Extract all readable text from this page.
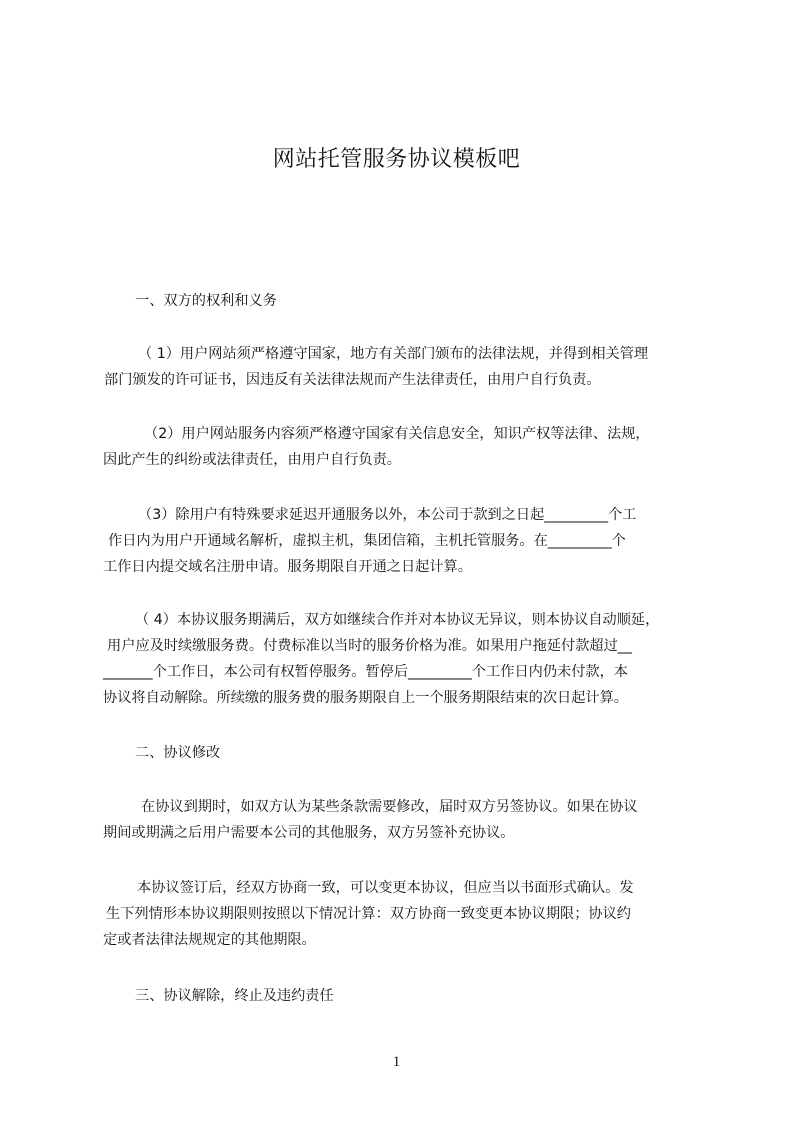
网站托管服务协议模板吧
一、双方的权利和义务
（ 1）用户网站须严格遵守国家，地方有关部门颁布的法律法规，并得到相关管理
部门颁发的许可证书，因违反有关法律法规而产生法律责任，由用户自行负责。
（2）用户网站服务内容须严格遵守国家有关信息安全，知识产权等法律、法规，
因此产生的纠纷或法律责任，由用户自行负责。
（3）除用户有特殊要求延迟开通服务以外，本公司于款到之日起_________个工
作日内为用户开通域名解析，虚拟主机，集团信箱，主机托管服务。在_________个
工作日内提交域名注册申请。服务期限自开通之日起计算。
（ 4）本协议服务期满后，双方如继续合作并对本协议无异议，则本协议自动顺延，
用户应及时续缴服务费。付费标准以当时的服务价格为准。如果用户拖延付款超过__
_______个工作日，本公司有权暂停服务。暂停后_________个工作日内仍未付款，本
协议将自动解除。所续缴的服务费的服务期限自上一个服务期限结束的次日起计算。
二、协议修改
在协议到期时，如双方认为某些条款需要修改，届时双方另签协议。如果在协议
期间或期满之后用户需要本公司的其他服务，双方另签补充协议。
本协议签订后，经双方协商一致，可以变更本协议，但应当以书面形式确认。发
生下列情形本协议期限则按照以下情况计算：双方协商一致变更本协议期限；协议约
定或者法律法规规定的其他期限。
三、协议解除，终止及违约责任
1
